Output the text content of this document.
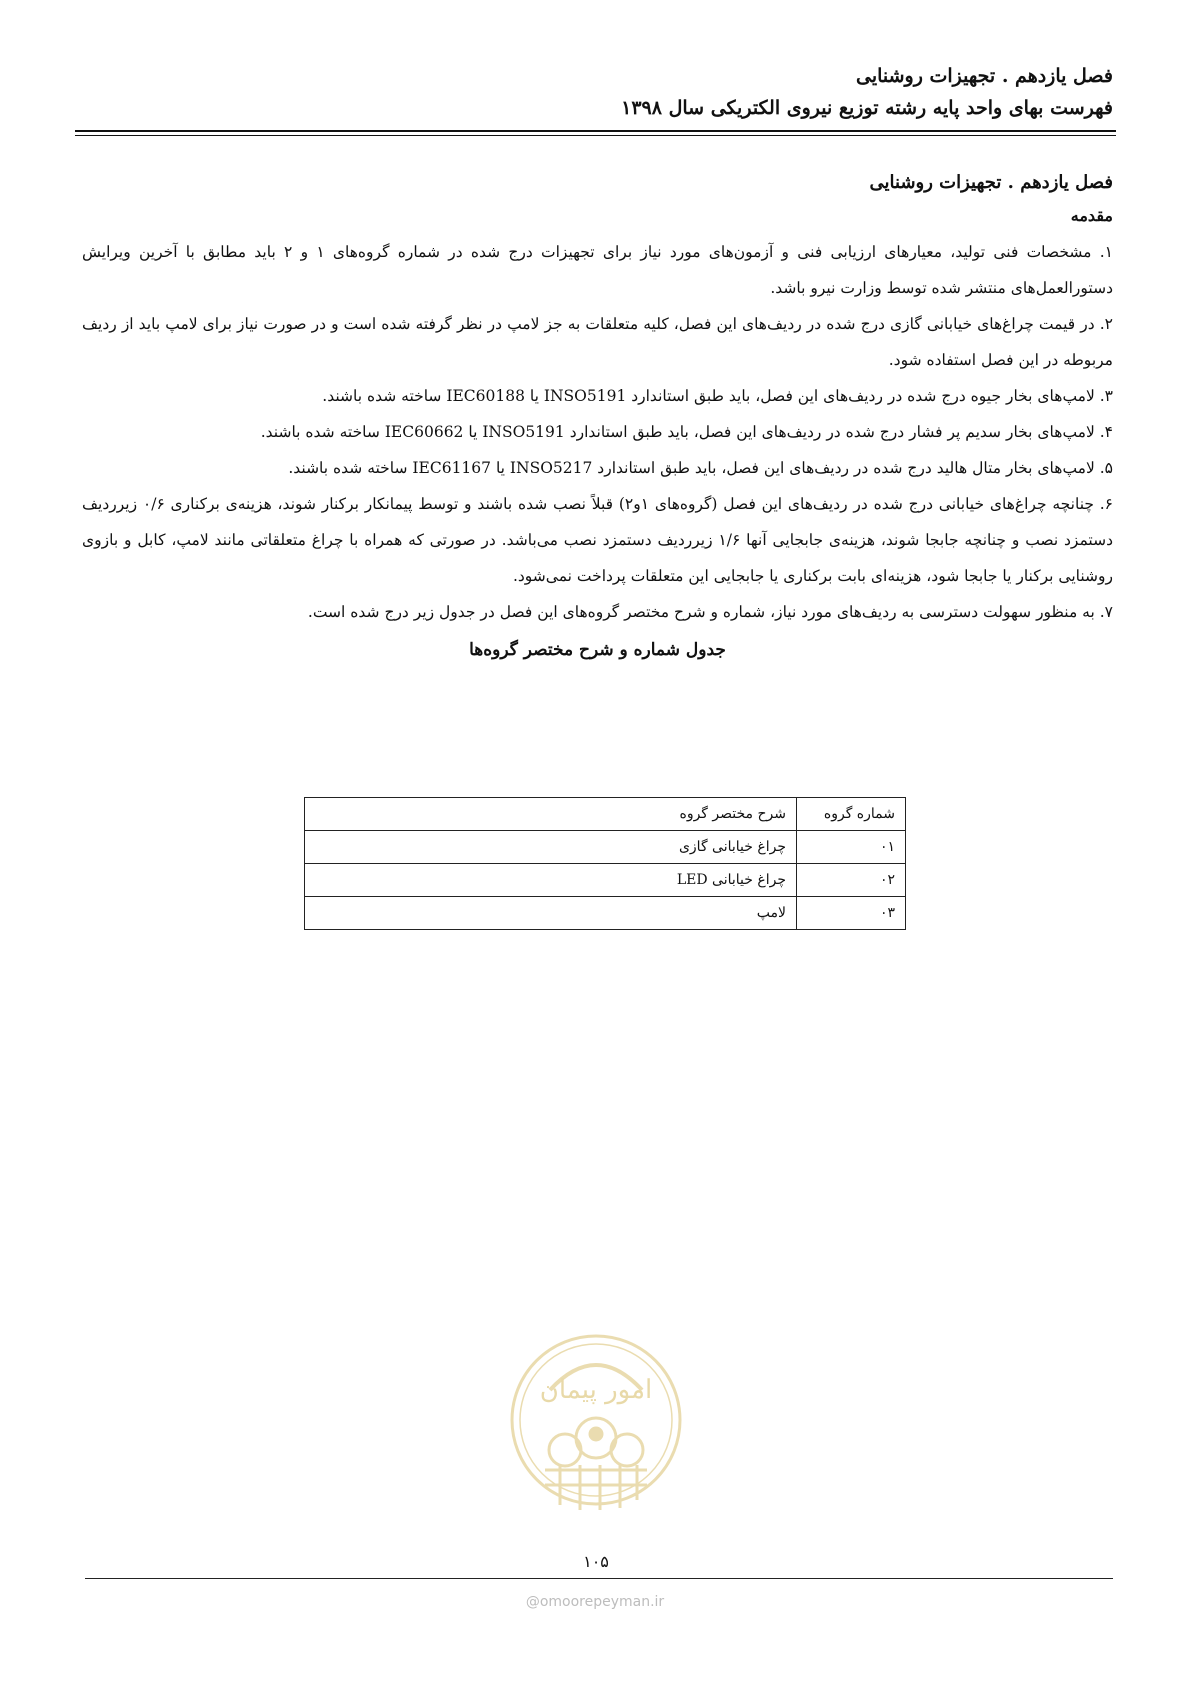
فصل یازدهم . تجهیزات روشنایی
فهرست بهای واحد پایه رشته توزیع نیروی الکتریکی سال ۱۳۹۸

فصل یازدهم . تجهیزات روشنایی

مقدمه

۱. مشخصات فنی تولید، معیارهای ارزیابی فنی و آزمون‌های مورد نیاز برای تجهیزات درج شده در شماره گروه‌های ۱ و ۲ باید مطابق با آخرین ویرایش دستورالعمل‌های منتشر شده توسط وزارت نیرو باشد.

۲. در قیمت چراغ‌های خیابانی گازی درج شده در ردیف‌های این فصل، کلیه متعلقات به جز لامپ در نظر گرفته شده است و در صورت نیاز برای لامپ باید از ردیف مربوطه در این فصل استفاده شود.

۳. لامپ‌های بخار جیوه درج شده در ردیف‌های این فصل، باید طبق استاندارد INSO5191 یا IEC60188 ساخته شده باشند.

۴. لامپ‌های بخار سدیم پر فشار درج شده در ردیف‌های این فصل، باید طبق استاندارد INSO5191 یا IEC60662 ساخته شده باشند.

۵. لامپ‌های بخار متال هالید درج شده در ردیف‌های این فصل، باید طبق استاندارد INSO5217 یا IEC61167 ساخته شده باشند.

۶. چنانچه چراغ‌های خیابانی درج شده در ردیف‌های این فصل (گروه‌های ۱و۲) قبلاً نصب شده باشند و توسط پیمانکار برکنار شوند، هزینه‌ی برکناری ۰/۶ زیرردیف دستمزد نصب و چنانچه جابجا شوند، هزینه‌ی جابجایی آنها ۱/۶ زیرردیف دستمزد نصب می‌باشد. در صورتی که همراه با چراغ متعلقاتی مانند لامپ، کابل و بازوی روشنایی برکنار یا جابجا شود، هزینه‌ای بابت برکناری یا جابجایی این متعلقات پرداخت نمی‌شود.

۷. به منظور سهولت دسترسی به ردیف‌های مورد نیاز، شماره و شرح مختصر گروه‌های این فصل در جدول زیر درج شده است.

جدول شماره و شرح مختصر گروه‌ها

شماره گروه	شرح مختصر گروه
۰۱	چراغ خیابانی گازی
۰۲	چراغ خیابانی LED
۰۳	لامپ
امور پیمان
۱۰۵
@omoorepeyman.ir
